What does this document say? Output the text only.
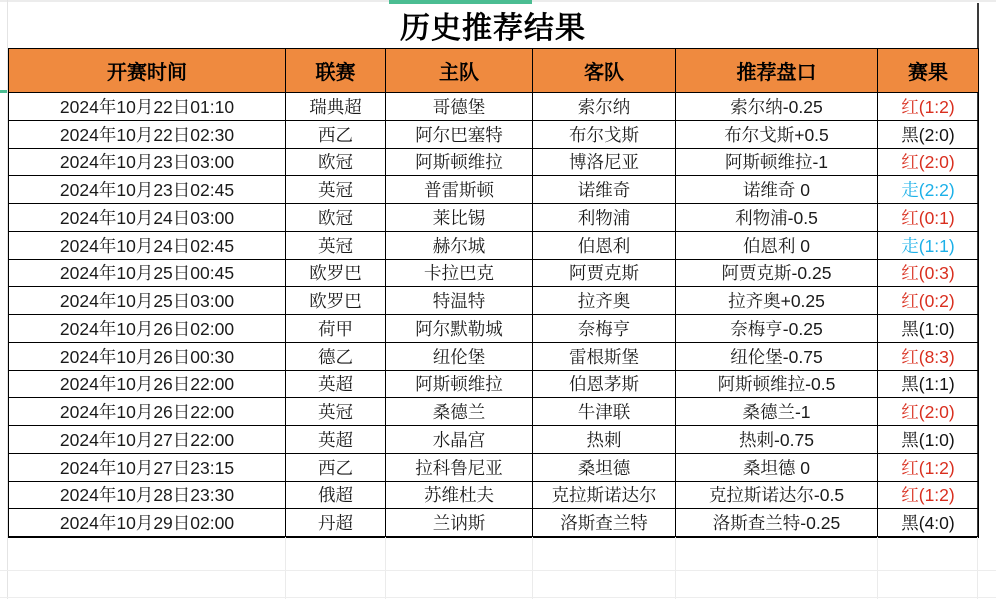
历史推荐结果
开赛时间	联赛	主队	客队	推荐盘口	赛果
2024年10月22日01:10	瑞典超	哥德堡	索尔纳	索尔纳-0.25	红(1:2)
2024年10月22日02:30	西乙	阿尔巴塞特	布尔戈斯	布尔戈斯+0.5	黑(2:0)
2024年10月23日03:00	欧冠	阿斯顿维拉	博洛尼亚	阿斯顿维拉-1	红(2:0)
2024年10月23日02:45	英冠	普雷斯顿	诺维奇	诺维奇 0	走(2:2)
2024年10月24日03:00	欧冠	莱比锡	利物浦	利物浦-0.5	红(0:1)
2024年10月24日02:45	英冠	赫尔城	伯恩利	伯恩利 0	走(1:1)
2024年10月25日00:45	欧罗巴	卡拉巴克	阿贾克斯	阿贾克斯-0.25	红(0:3)
2024年10月25日03:00	欧罗巴	特温特	拉齐奥	拉齐奥+0.25	红(0:2)
2024年10月26日02:00	荷甲	阿尔默勒城	奈梅亨	奈梅亨-0.25	黑(1:0)
2024年10月26日00:30	德乙	纽伦堡	雷根斯堡	纽伦堡-0.75	红(8:3)
2024年10月26日22:00	英超	阿斯顿维拉	伯恩茅斯	阿斯顿维拉-0.5	黑(1:1)
2024年10月26日22:00	英冠	桑德兰	牛津联	桑德兰-1	红(2:0)
2024年10月27日22:00	英超	水晶宫	热刺	热刺-0.75	黑(1:0)
2024年10月27日23:15	西乙	拉科鲁尼亚	桑坦德	桑坦德 0	红(1:2)
2024年10月28日23:30	俄超	苏维杜夫	克拉斯诺达尔	克拉斯诺达尔-0.5	红(1:2)
2024年10月29日02:00	丹超	兰讷斯	洛斯查兰特	洛斯查兰特-0.25	黑(4:0)
